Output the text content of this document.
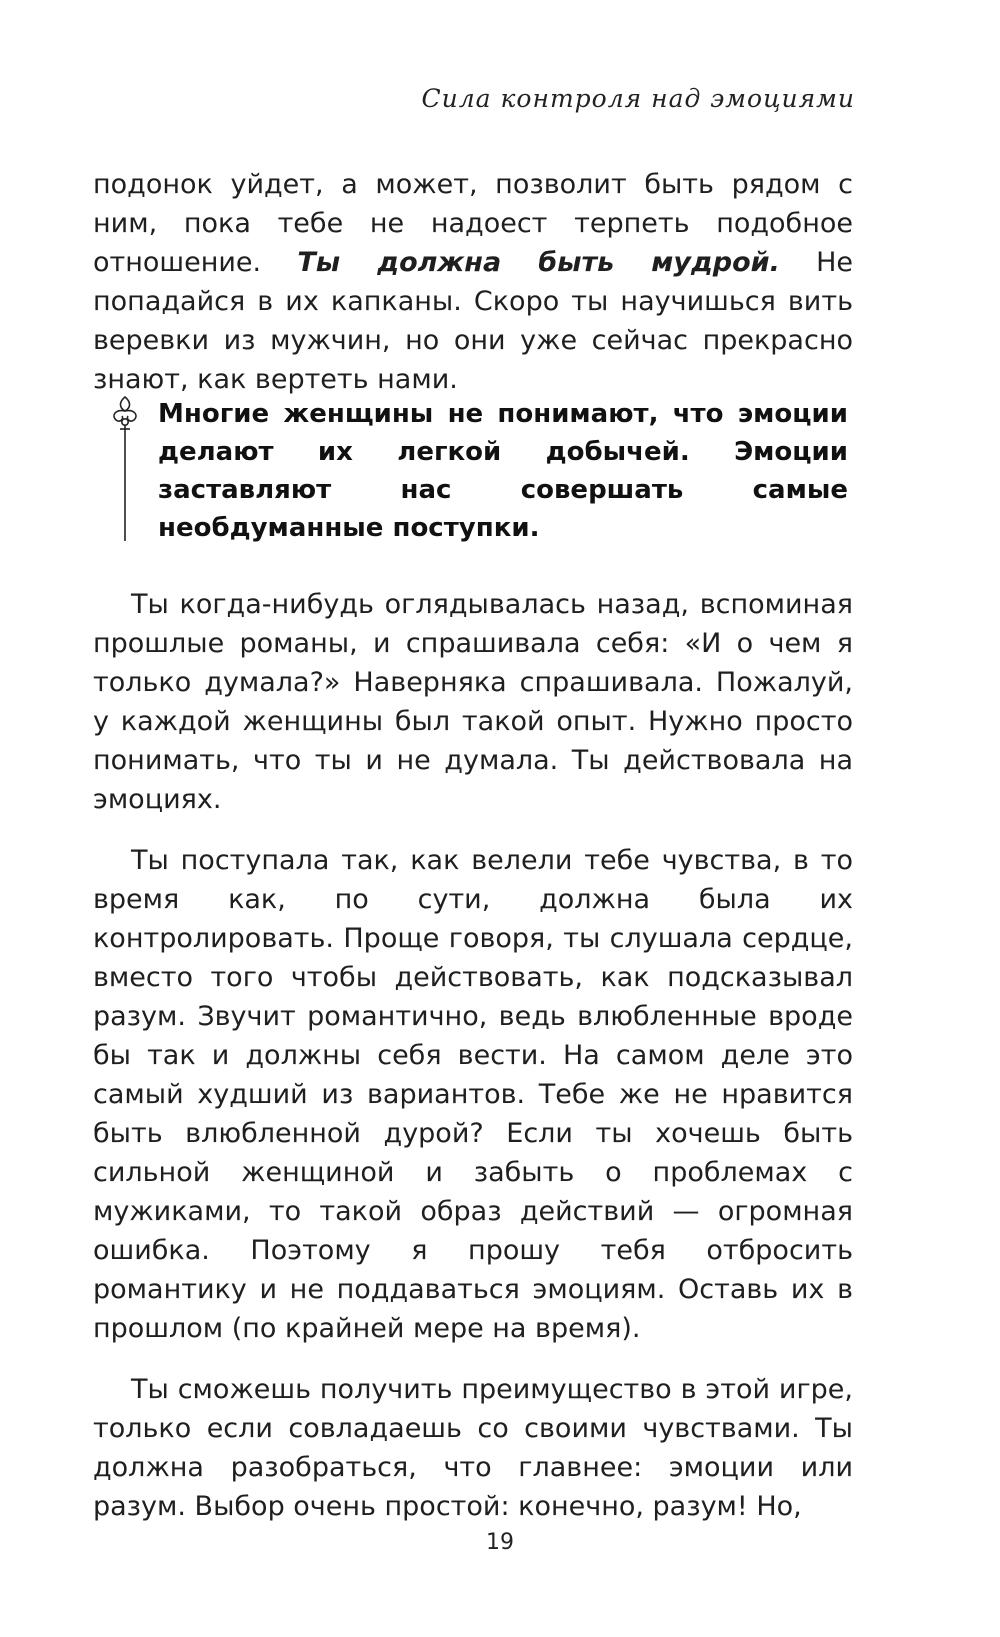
Сила контроля над эмоциями

подонок уйдет, а может, позволит быть рядом с ним, пока тебе не надоест терпеть подобное отношение. Ты должна быть мудрой. Не попадайся в их капканы. Скоро ты научишься вить веревки из мужчин, но они уже сейчас прекрасно знают, как вертеть нами.

Многие женщины не понимают, что эмоции делают их легкой добычей. Эмоции заставляют нас совершать самые необдуманные поступки.

Ты когда-нибудь оглядывалась назад, вспоминая прошлые романы, и спрашивала себя: «И о чем я только думала?» Наверняка спрашивала. Пожалуй, у каждой женщины был такой опыт. Нужно просто понимать, что ты и не думала. Ты действовала на эмоциях.

Ты поступала так, как велели тебе чувства, в то время как, по сути, должна была их контролировать. Проще говоря, ты слушала сердце, вместо того чтобы действовать, как подсказывал разум. Звучит романтично, ведь влюбленные вроде бы так и должны себя вести. На самом деле это самый худший из вариантов. Тебе же не нравится быть влюбленной дурой? Если ты хочешь быть сильной женщиной и забыть о проблемах с мужиками, то такой образ действий — огромная ошибка. Поэтому я прошу тебя отбросить романтику и не поддаваться эмоциям. Оставь их в прошлом (по крайней мере на время).

Ты сможешь получить преимущество в этой игре, только если совладаешь со своими чувствами. Ты должна разобраться, что главнее: эмоции или разум. Выбор очень простой: конечно, разум! Но,

19
